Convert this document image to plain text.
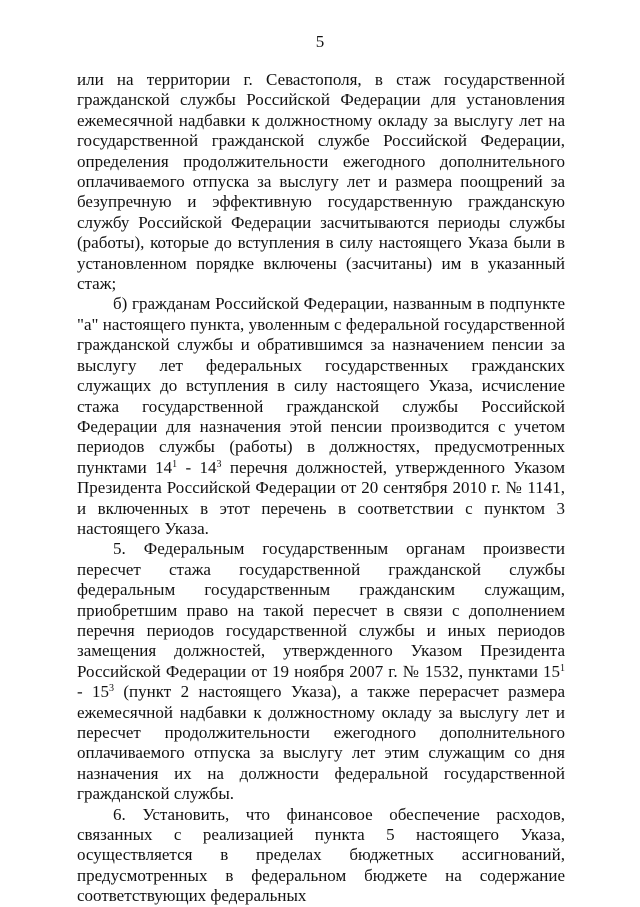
5

или на территории г. Севастополя, в стаж государственной гражданской службы Российской Федерации для установления ежемесячной надбавки к должностному окладу за выслугу лет на государственной гражданской службе Российской Федерации, определения продолжительности ежегодного дополнительного оплачиваемого отпуска за выслугу лет и размера поощрений за безупречную и эффективную государственную гражданскую службу Российской Федерации засчитываются периоды службы (работы), которые до вступления в силу настоящего Указа были в установленном порядке включены (засчитаны) им в указанный стаж;

б) гражданам Российской Федерации, названным в подпункте "а" настоящего пункта, уволенным с федеральной государственной гражданской службы и обратившимся за назначением пенсии за выслугу лет федеральных государственных гражданских служащих до вступления в силу настоящего Указа, исчисление стажа государственной гражданской службы Российской Федерации для назначения этой пенсии производится с учетом периодов службы (работы) в должностях, предусмотренных пунктами $14^1 - 14^3$ перечня должностей, утвержденного Указом Президента Российской Федерации от 20 сентября 2010 г. № 1141, и включенных в этот перечень в соответствии с пунктом 3 настоящего Указа.

5. Федеральным государственным органам произвести пересчет стажа государственной гражданской службы федеральным государственным гражданским служащим, приобретшим право на такой пересчет в связи с дополнением перечня периодов государственной службы и иных периодов замещения должностей, утвержденного Указом Президента Российской Федерации от 19 ноября 2007 г. № 1532, пунктами $15^1 - 15^3$ (пункт 2 настоящего Указа), а также перерасчет размера ежемесячной надбавки к должностному окладу за выслугу лет и пересчет продолжительности ежегодного дополнительного оплачиваемого отпуска за выслугу лет этим служащим со дня назначения их на должности федеральной государственной гражданской службы.

6. Установить, что финансовое обеспечение расходов, связанных с реализацией пункта 5 настоящего Указа, осуществляется в пределах бюджетных ассигнований, предусмотренных в федеральном бюджете на содержание соответствующих федеральных
